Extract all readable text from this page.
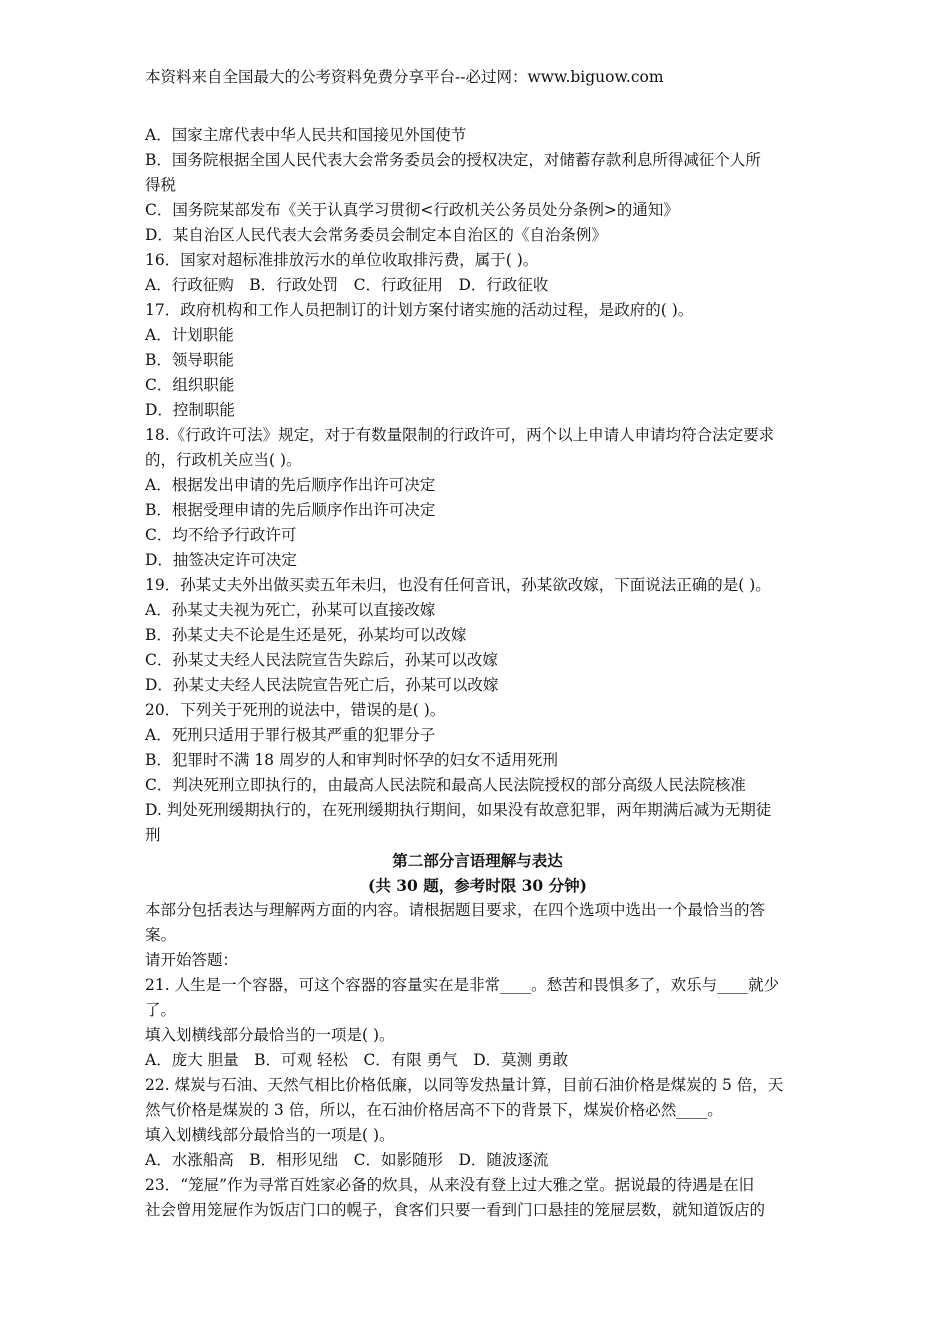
本资料来自全国最大的公考资料免费分享平台--必过网：www.biguow.com
A．国家主席代表中华人民共和国接见外国使节
B．国务院根据全国人民代表大会常务委员会的授权决定，对储蓄存款利息所得减征个人所
得税
C．国务院某部发布《关于认真学习贯彻<行政机关公务员处分条例>的通知》
D．某自治区人民代表大会常务委员会制定本自治区的《自治条例》
16．国家对超标准排放污水的单位收取排污费，属于( )。
A．行政征购　B．行政处罚　C．行政征用　D．行政征收
17．政府机构和工作人员把制订的计划方案付诸实施的活动过程，是政府的( )。
A．计划职能
B．领导职能
C．组织职能
D．控制职能
18.《行政许可法》规定，对于有数量限制的行政许可，两个以上申请人申请均符合法定要求
的，行政机关应当( )。
A．根据发出申请的先后顺序作出许可决定
B．根据受理申请的先后顺序作出许可决定
C．均不给予行政许可
D．抽签决定许可决定
19．孙某丈夫外出做买卖五年未归，也没有任何音讯，孙某欲改嫁，下面说法正确的是( )。
A．孙某丈夫视为死亡，孙某可以直接改嫁
B．孙某丈夫不论是生还是死，孙某均可以改嫁
C．孙某丈夫经人民法院宣告失踪后，孙某可以改嫁
D．孙某丈夫经人民法院宣告死亡后，孙某可以改嫁
20．下列关于死刑的说法中，错误的是( )。
A．死刑只适用于罪行极其严重的犯罪分子
B．犯罪时不满 18 周岁的人和审判时怀孕的妇女不适用死刑
C．判决死刑立即执行的，由最高人民法院和最高人民法院授权的部分高级人民法院核准
D. 判处死刑缓期执行的，在死刑缓期执行期间，如果没有故意犯罪，两年期满后减为无期徒
刑
第二部分言语理解与表达
(共 30 题，参考时限 30 分钟)
本部分包括表达与理解两方面的内容。请根据题目要求，在四个选项中选出一个最恰当的答
案。
请开始答题：
21. 人生是一个容器，可这个容器的容量实在是非常____。愁苦和畏惧多了，欢乐与____就少
了。
填入划横线部分最恰当的一项是( )。
A．庞大 胆量　B．可观 轻松　C．有限 勇气　D．莫测 勇敢
22. 煤炭与石油、天然气相比价格低廉，以同等发热量计算，目前石油价格是煤炭的 5 倍，天
然气价格是煤炭的 3 倍，所以，在石油价格居高不下的背景下，煤炭价格必然____。
填入划横线部分最恰当的一项是( )。
A．水涨船高　B．相形见绌　C．如影随形　D．随波逐流
23．“笼屉”作为寻常百姓家必备的炊具，从来没有登上过大雅之堂。据说最的待遇是在旧
社会曾用笼屉作为饭店门口的幌子，食客们只要一看到门口悬挂的笼屉层数，就知道饭店的
